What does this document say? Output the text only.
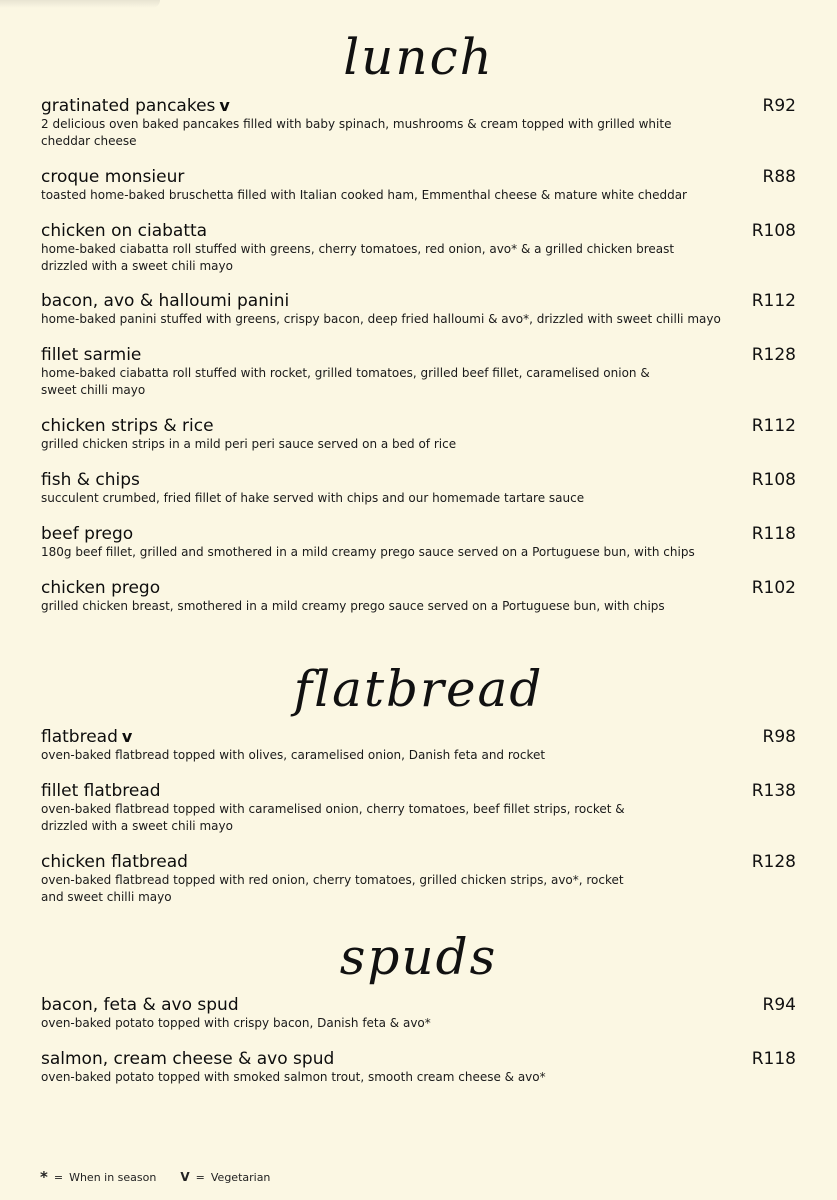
lunch
gratinated pancakes v	R92
2 delicious oven baked pancakes filled with baby spinach, mushrooms & cream topped with grilled white cheddar cheese
croque monsieur	R88
toasted home-baked bruschetta filled with Italian cooked ham, Emmenthal cheese & mature white cheddar
chicken on ciabatta	R108
home-baked ciabatta roll stuffed with greens, cherry tomatoes, red onion, avo* & a grilled chicken breast drizzled with a sweet chili mayo
bacon, avo & halloumi panini	R112
home-baked panini stuffed with greens, crispy bacon, deep fried halloumi & avo*, drizzled with sweet chilli mayo
fillet sarmie	R128
home-baked ciabatta roll stuffed with rocket, grilled tomatoes, grilled beef fillet, caramelised onion & sweet chilli mayo
chicken strips & rice	R112
grilled chicken strips in a mild peri peri sauce served on a bed of rice
fish & chips	R108
succulent crumbed, fried fillet of hake served with chips and our homemade tartare sauce
beef prego	R118
180g beef fillet, grilled and smothered in a mild creamy prego sauce served on a Portuguese bun, with chips
chicken prego	R102
grilled chicken breast, smothered in a mild creamy prego sauce served on a Portuguese bun, with chips
flatbread
flatbread v	R98
oven-baked flatbread topped with olives, caramelised onion, Danish feta and rocket
fillet flatbread	R138
oven-baked flatbread topped with caramelised onion, cherry tomatoes, beef fillet strips, rocket & drizzled with a sweet chili mayo
chicken flatbread	R128
oven-baked flatbread topped with red onion, cherry tomatoes, grilled chicken strips, avo*, rocket and sweet chilli mayo
spuds
bacon, feta & avo spud	R94
oven-baked potato topped with crispy bacon, Danish feta & avo*
salmon, cream cheese & avo spud	R118
oven-baked potato topped with smoked salmon trout, smooth cream cheese & avo*
* = When in season V = Vegetarian
